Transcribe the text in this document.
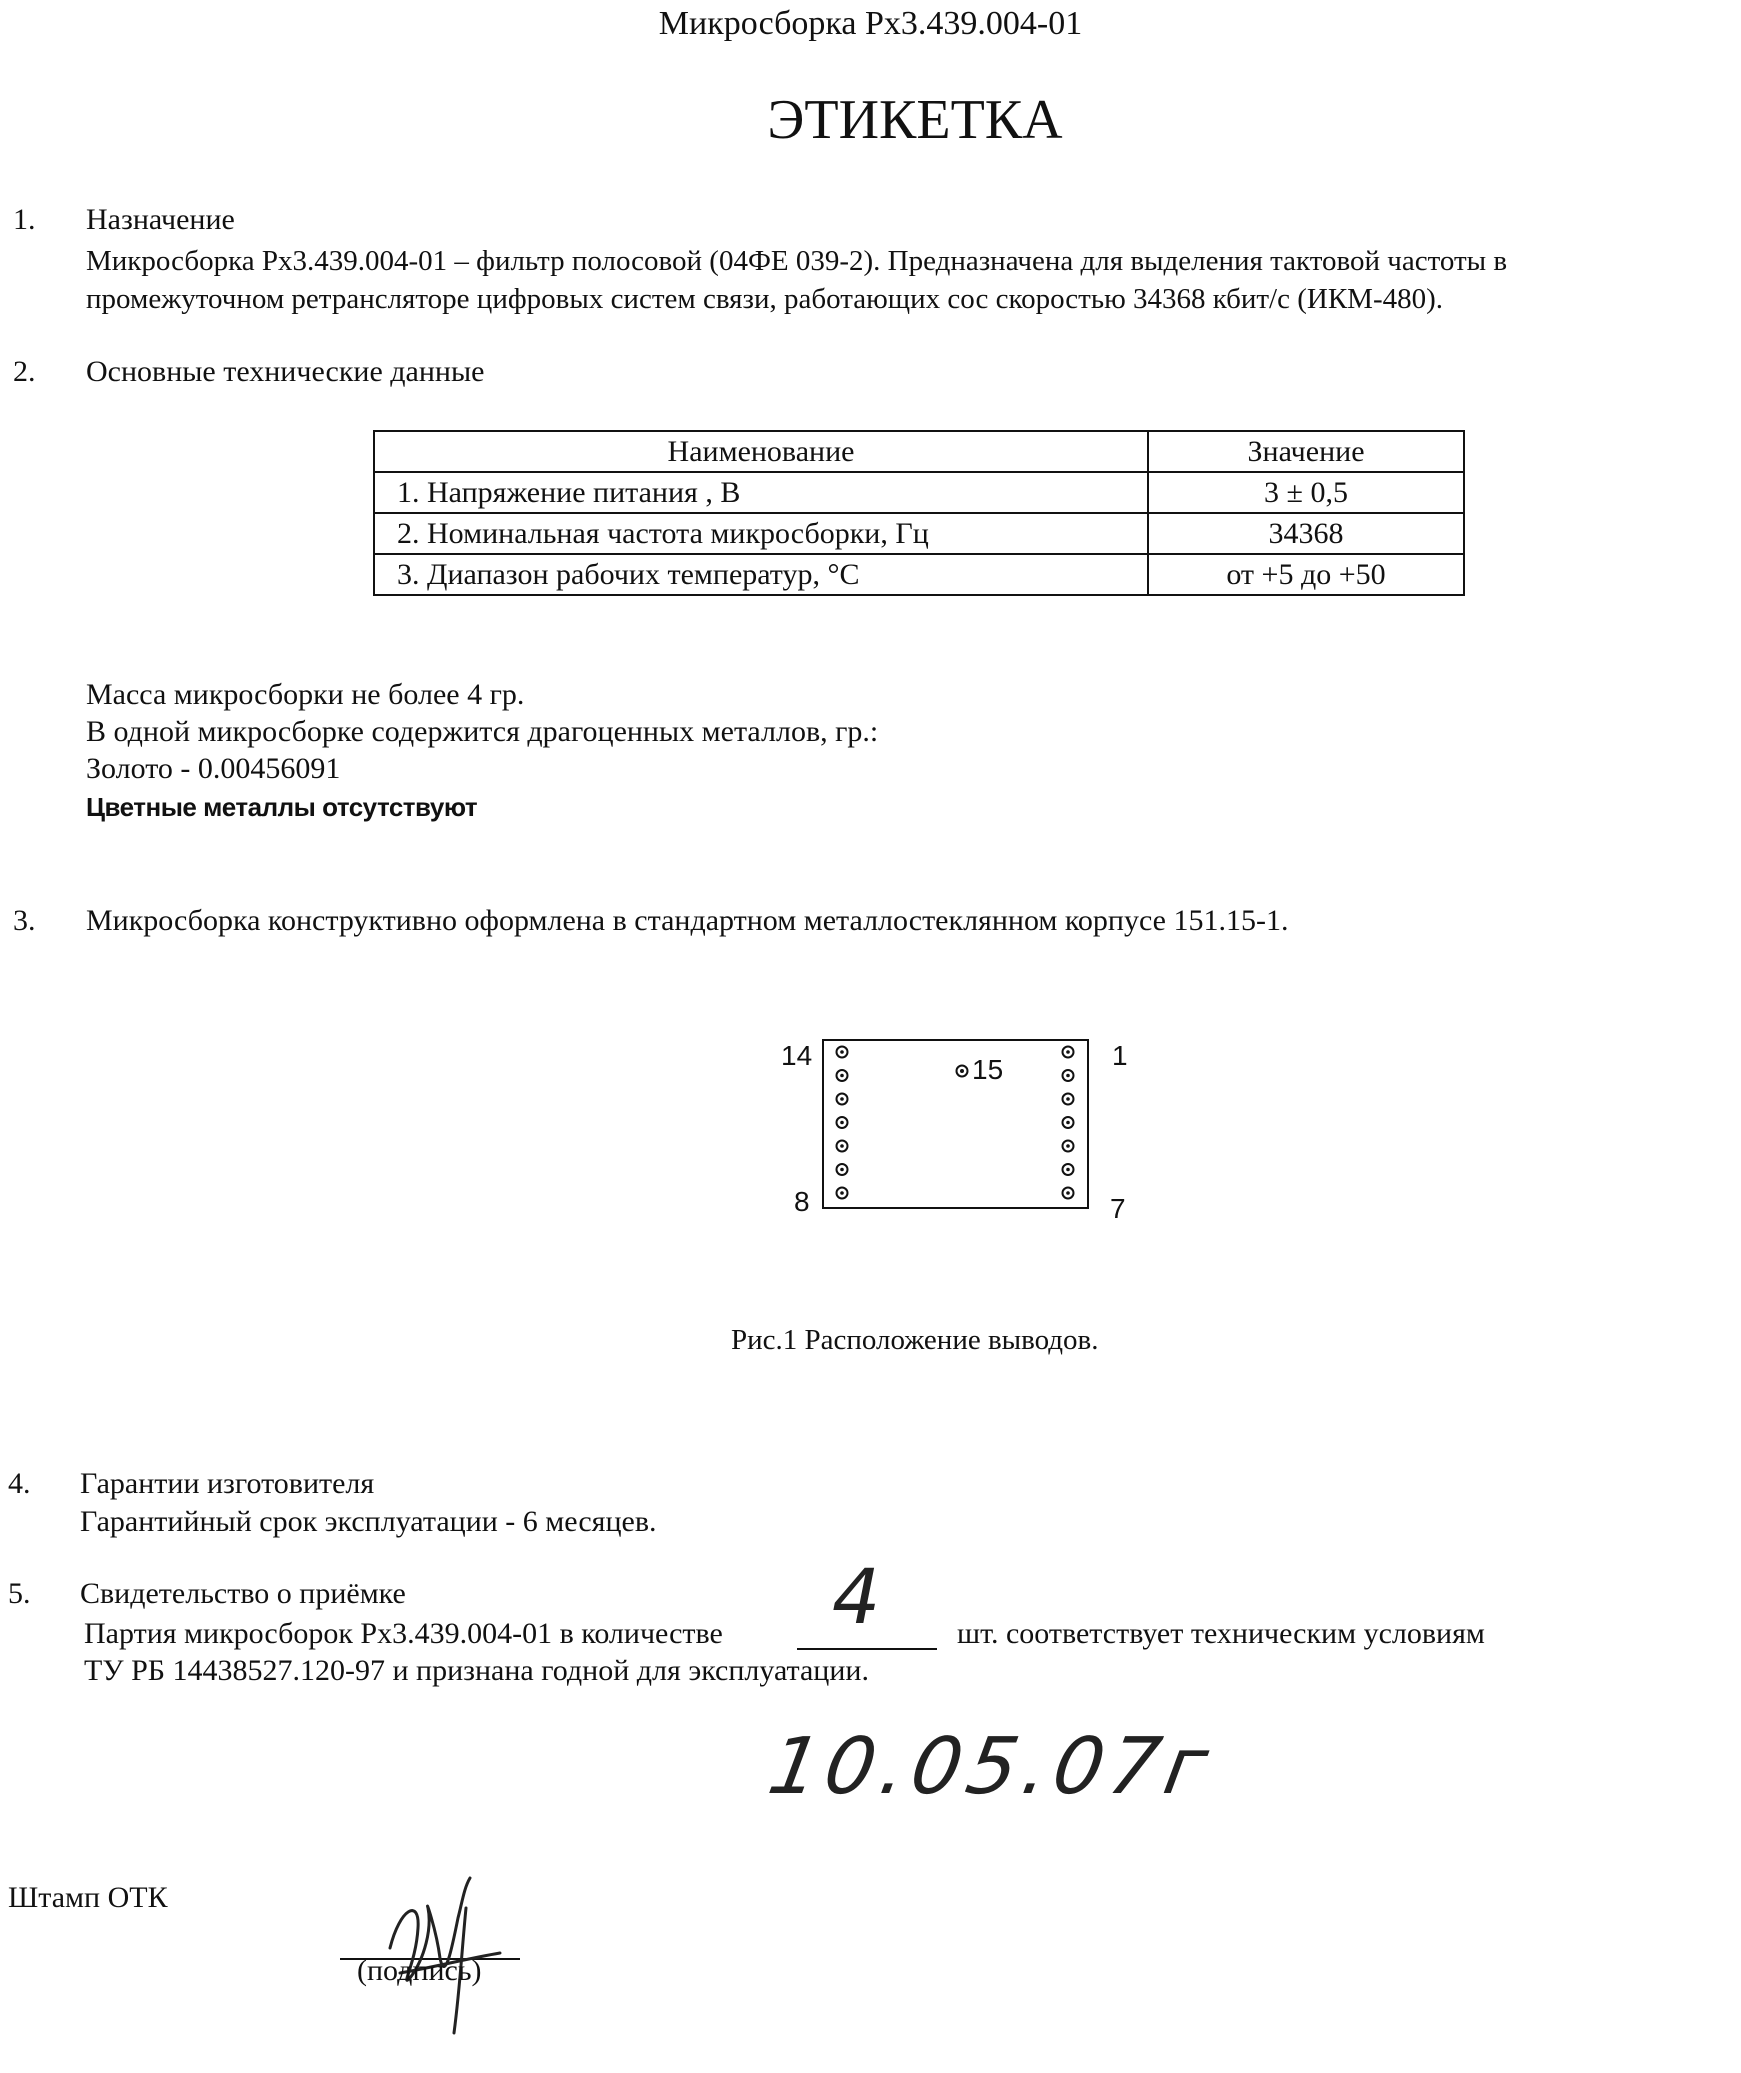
Микросборка Рх3.439.004-01
ЭТИКЕТКА
1. Назначение
Микросборка Рх3.439.004-01 – фильтр полосовой (04ФЕ 039-2). Предназначена для выделения тактовой частоты в
промежуточном ретрансляторе цифровых систем связи, работающих сос скоростью 34368 кбит/с (ИКМ-480).
2. Основные технические данные
Наименование	Значение
1. Напряжение питания , В	3 ± 0,5
2. Номинальная частота микросборки, Гц	34368
3. Диапазон рабочих температур, °С	от +5 до +50
Масса микросборки не более 4 гр.
В одной микросборке содержится драгоценных металлов, гр.:
Золото - 0.00456091
Цветные металлы отсутствуют
3. Микросборка конструктивно оформлена в стандартном металлостеклянном корпусе 151.15-1.
14	1
8	7
15
Рис.1 Расположение выводов.
4. Гарантии изготовителя
Гарантийный срок эксплуатации - 6 месяцев.
5. Свидетельство о приёмке
Партия микросборок Рх3.439.004-01 в количестве 4	шт. соответствует техническим условиям
ТУ РБ 14438527.120-97 и признана годной для эксплуатации.
10.05.07г
Штамп ОТК
(подпись)
